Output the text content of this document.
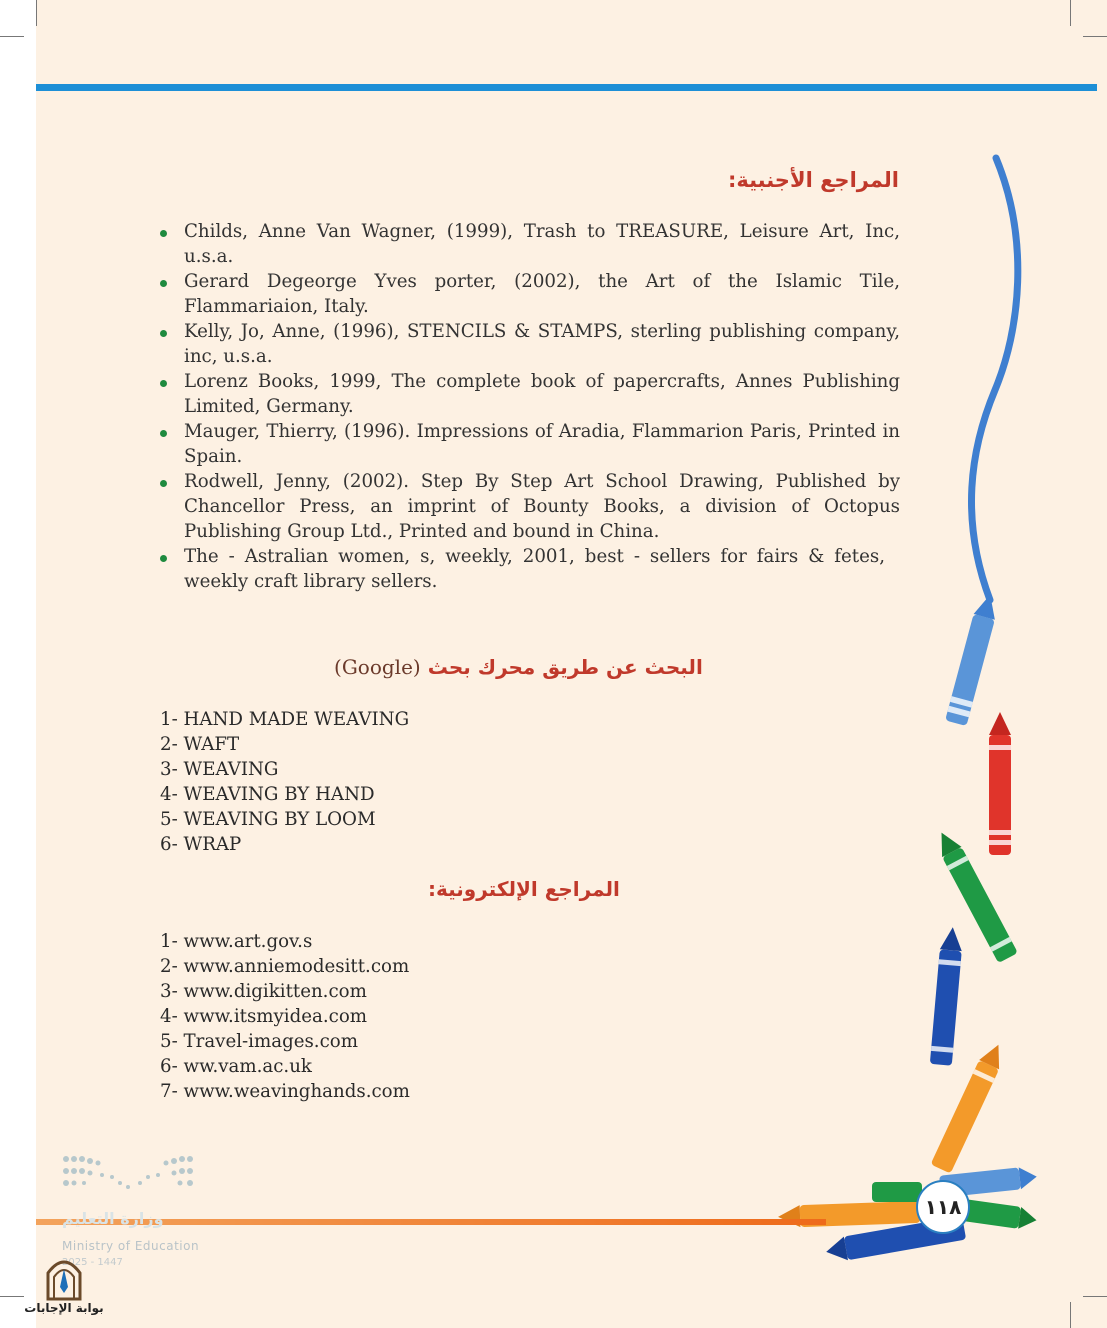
١١٨
المراجع الأجنبية:
Childs, Anne Van Wagner, (1999), Trash to TREASURE, Leisure Art, Inc, u.s.a.
Gerard Degeorge Yves porter, (2002), the Art of the Islamic Tile, Flammariaion, Italy.
Kelly, Jo, Anne, (1996), STENCILS & STAMPS, sterling publishing company, inc, u.s.a.
Lorenz Books, 1999, The complete book of papercrafts, Annes Publishing Limited, Germany.
Mauger, Thierry, (1996). Impressions of Aradia, Flammarion Paris, Printed in Spain.
Rodwell, Jenny, (2002). Step By Step Art School Drawing, Published by Chancellor Press, an imprint of Bounty Books, a division of Octopus Publishing Group Ltd., Printed and bound in China.
The - Astralian women, s, weekly, 2001, best - sellers for fairs & fetes, weekly craft library sellers.
البحث عن طريق محرك بحث (Google)
1- HAND MADE WEAVING
2- WAFT
3- WEAVING
4- WEAVING BY HAND
5- WEAVING BY LOOM
6- WRAP
المراجع الإلكترونية:
1- www.art.gov.s
2- www.anniemodesitt.com
3- www.digikitten.com
4- www.itsmyidea.com
5- Travel-images.com
6- ww.vam.ac.uk
7- www.weavinghands.com
وزارة التعليم
Ministry of Education
2025 - 1447
بوابة الإجابات
